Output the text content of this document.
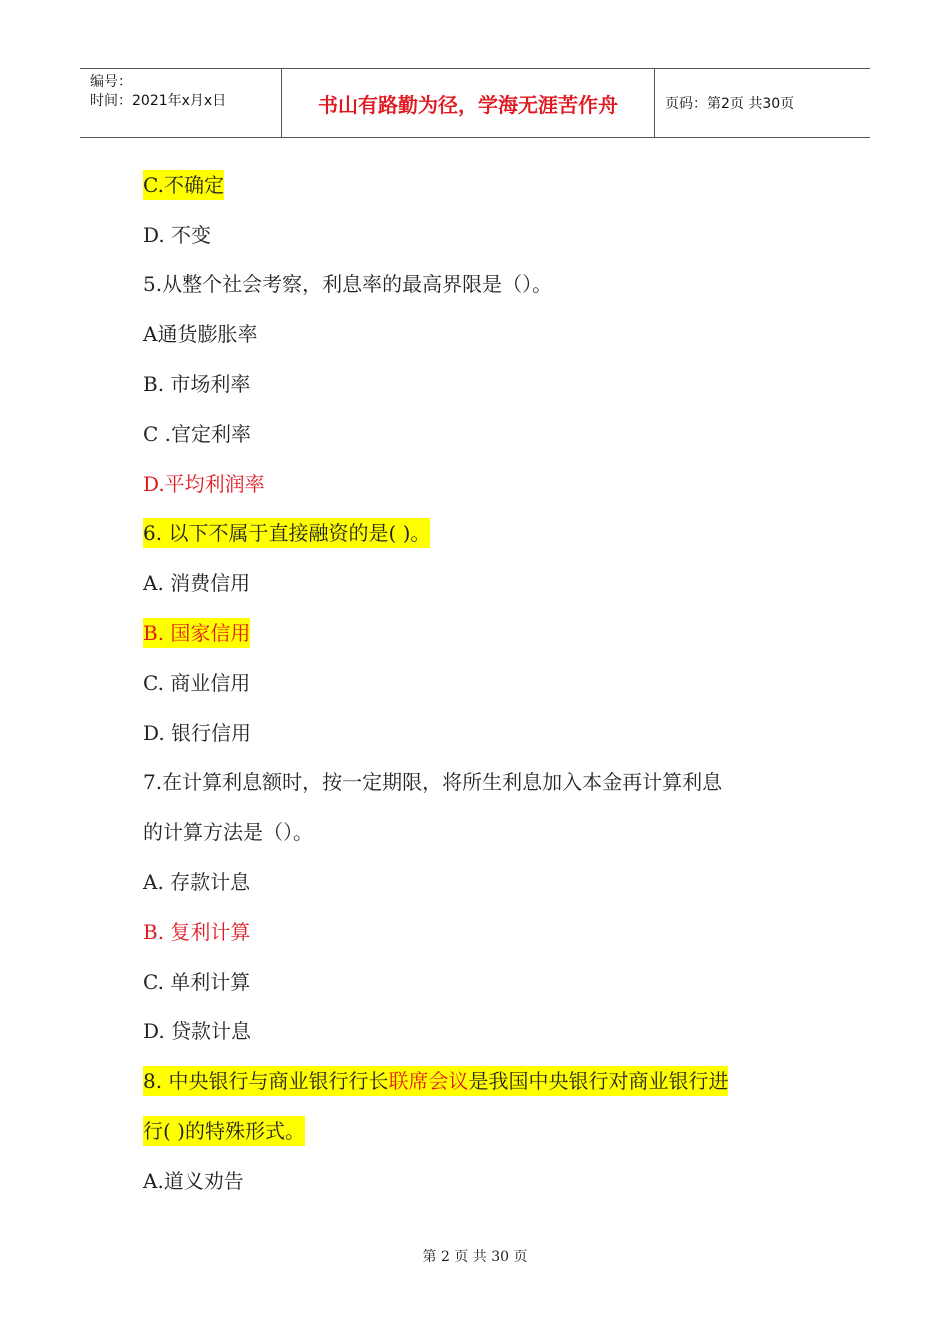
编号：
时间：2021年x月x日	书山有路勤为径，学海无涯苦作舟	页码：第2页 共30页
C.不确定
D. 不变
5.从整个社会考察，利息率的最高界限是（）。
A通货膨胀率
B. 市场利率
C .官定利率
D.平均利润率
6. 以下不属于直接融资的是( )。
A. 消费信用
B. 国家信用
C. 商业信用
D. 银行信用
7.在计算利息额时，按一定期限，将所生利息加入本金再计算利息
的计算方法是（）。
A. 存款计息
B. 复利计算
C. 单利计算
D. 贷款计息
8. 中央银行与商业银行行长 联席会议 是我国中央银行对商业银行进
行( )的特殊形式。
A.道义劝告
第 2 页 共 30 页
